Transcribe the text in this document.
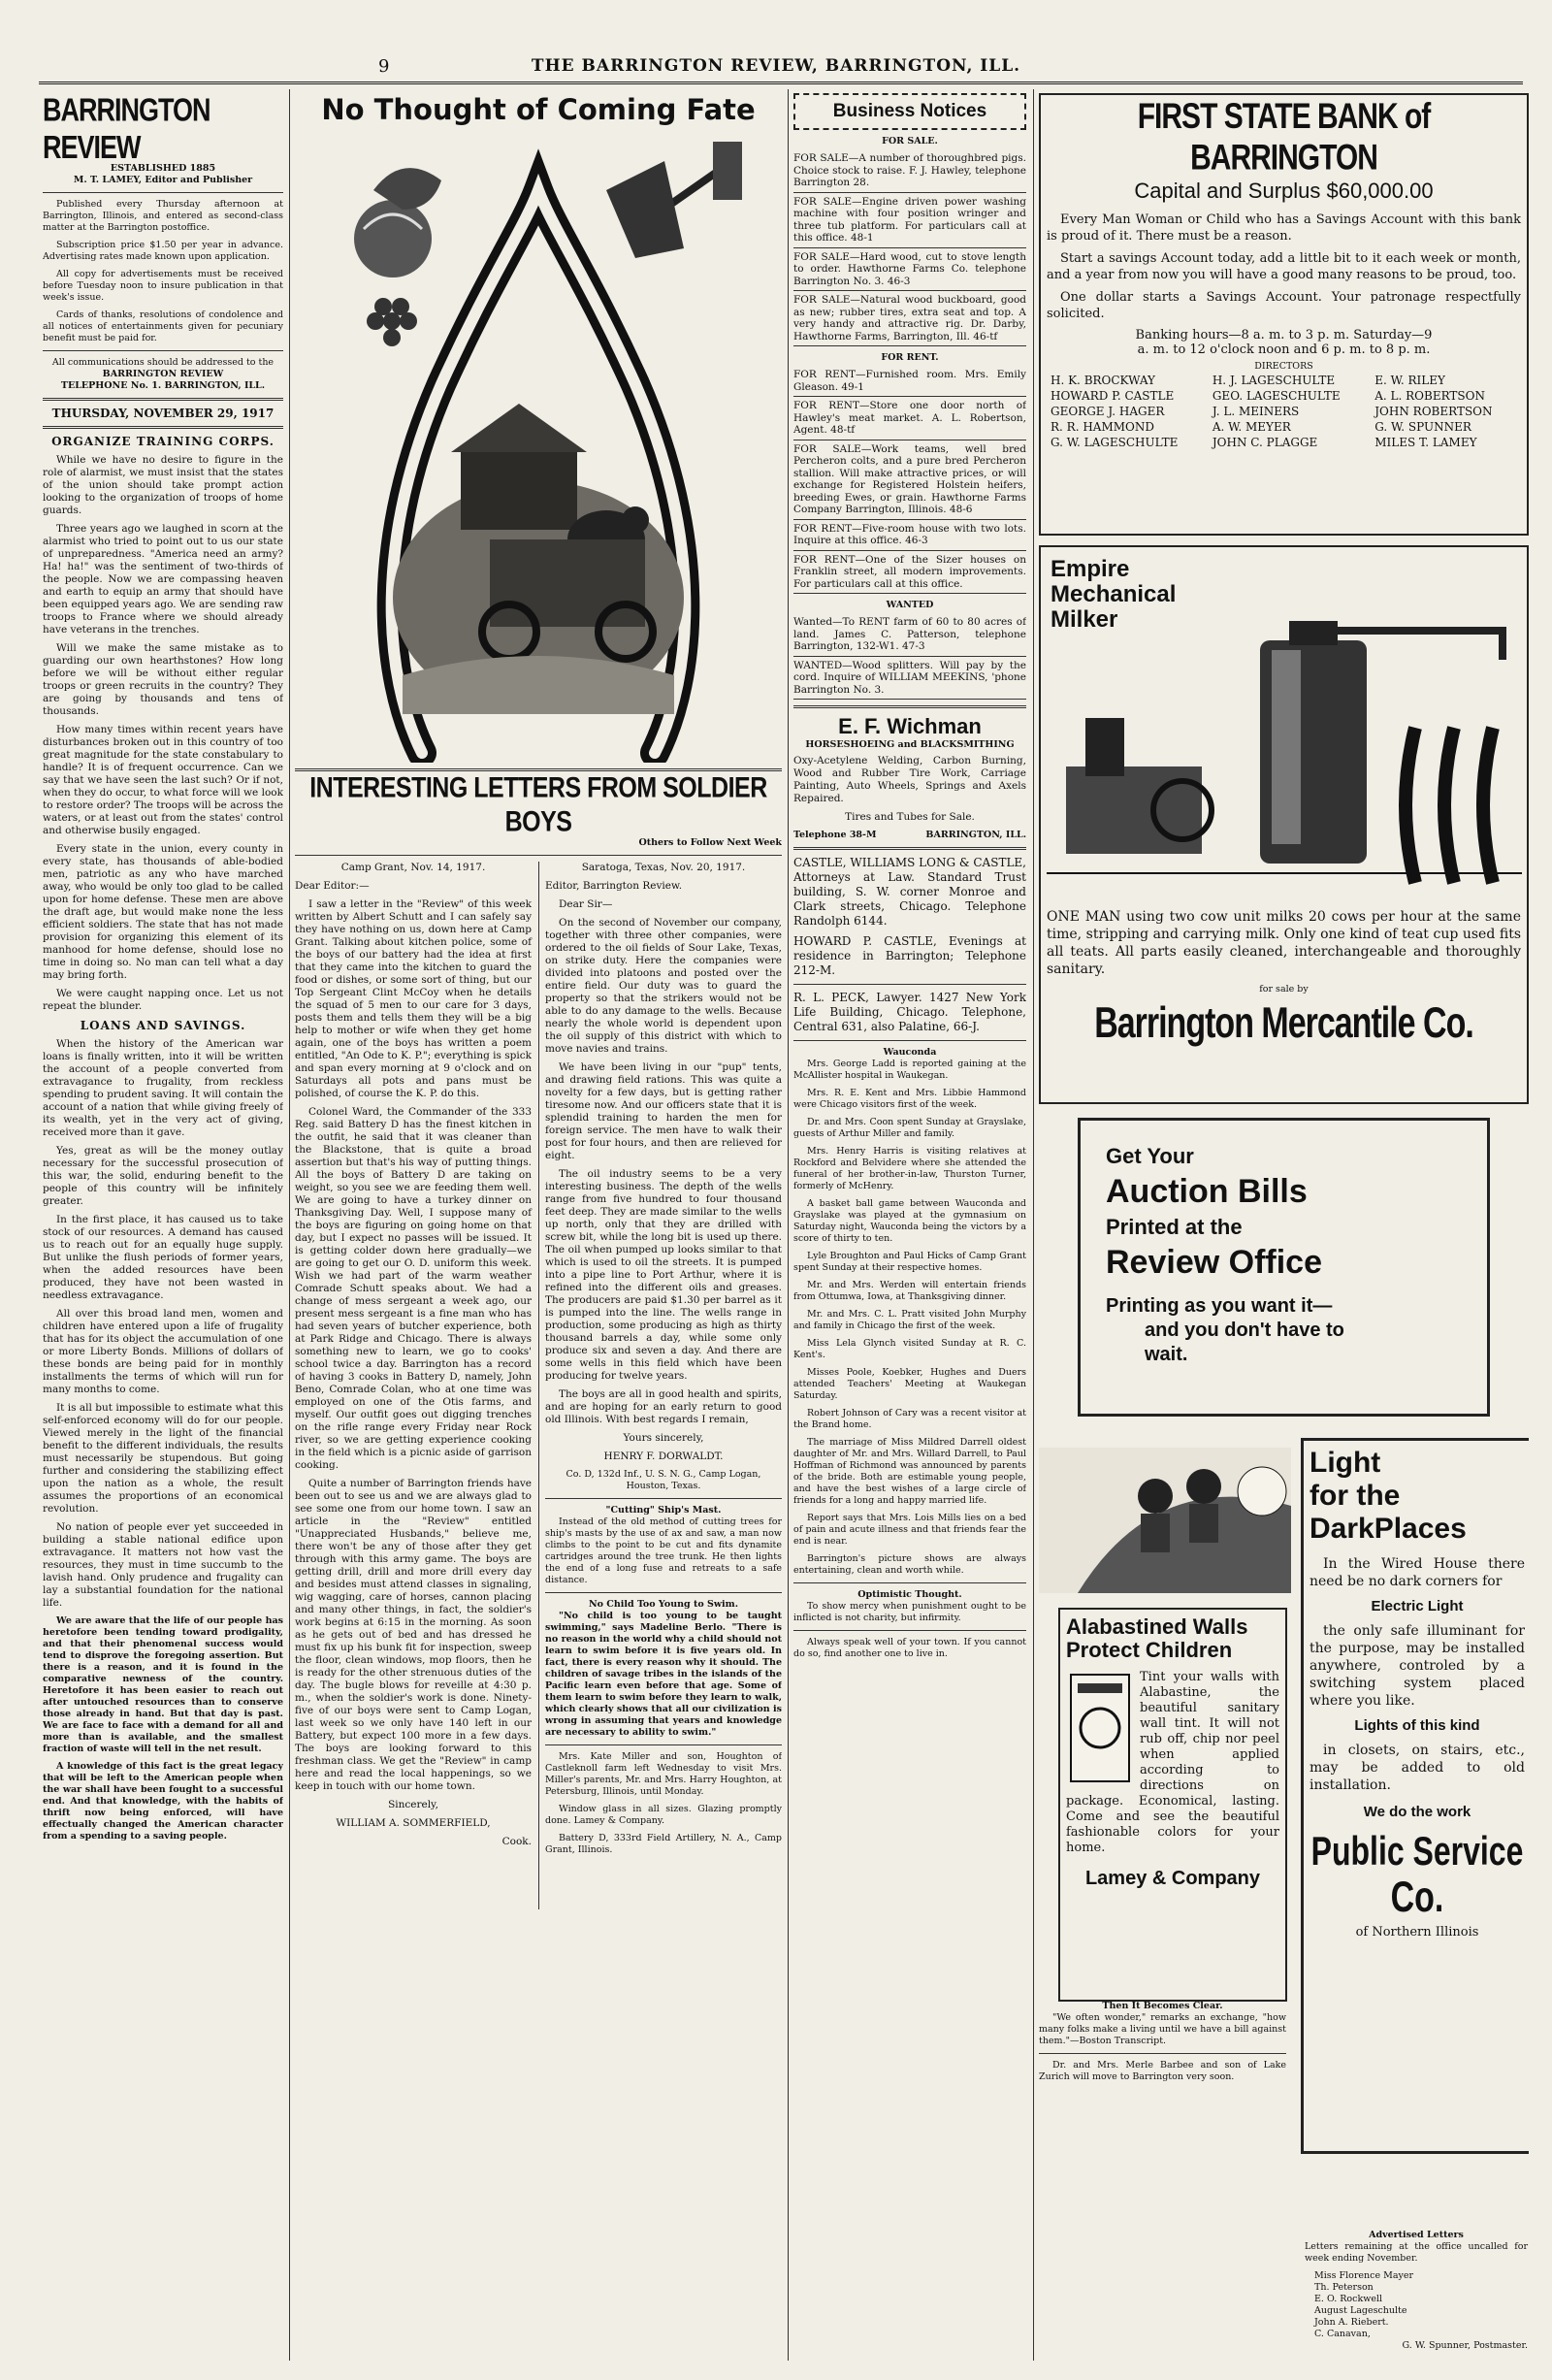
9	THE BARRINGTON REVIEW, BARRINGTON, ILL.
BARRINGTON REVIEW
ESTABLISHED 1885
M. T. LAMEY, Editor and Publisher

Published every Thursday afternoon at Barrington, Illinois, and entered as second-class matter at the Barrington postoffice.

Subscription price $1.50 per year in advance. Advertising rates made known upon application.

All copy for advertisements must be received before Tuesday noon to insure publication in that week's issue.

Cards of thanks, resolutions of condolence and all notices of entertainments given for pecuniary benefit must be paid for.

All communications should be addressed to the
BARRINGTON REVIEW
TELEPHONE No. 1. BARRINGTON, ILL.
THURSDAY, NOVEMBER 29, 1917
ORGANIZE TRAINING CORPS.

While we have no desire to figure in the role of alarmist, we must insist that the states of the union should take prompt action looking to the organization of troops of home guards.

Three years ago we laughed in scorn at the alarmist who tried to point out to us our state of unpreparedness. "America need an army? Ha! ha!" was the sentiment of two-thirds of the people. Now we are compassing heaven and earth to equip an army that should have been equipped years ago. We are sending raw troops to France where we should already have veterans in the trenches.

Will we make the same mistake as to guarding our own hearthstones? How long before we will be without either regular troops or green recruits in the country? They are going by thousands and tens of thousands.

How many times within recent years have disturbances broken out in this country of too great magnitude for the state constabulary to handle? It is of frequent occurrence. Can we say that we have seen the last such? Or if not, when they do occur, to what force will we look to restore order? The troops will be across the waters, or at least out from the states' control and otherwise busily engaged.

Every state in the union, every county in every state, has thousands of able-bodied men, patriotic as any who have marched away, who would be only too glad to be called upon for home defense. These men are above the draft age, but would make none the less efficient soldiers. The state that has not made provision for organizing this element of its manhood for home defense, should lose no time in doing so. No man can tell what a day may bring forth.

We were caught napping once. Let us not repeat the blunder.

LOANS AND SAVINGS.

When the history of the American war loans is finally written, into it will be written the account of a people converted from extravagance to frugality, from reckless spending to prudent saving. It will contain the account of a nation that while giving freely of its wealth, yet in the very act of giving, received more than it gave.

Yes, great as will be the money outlay necessary for the successful prosecution of this war, the solid, enduring benefit to the people of this country will be infinitely greater.

In the first place, it has caused us to take stock of our resources. A demand has caused us to reach out for an equally huge supply. But unlike the flush periods of former years, when the added resources have been produced, they have not been wasted in needless extravagance.

All over this broad land men, women and children have entered upon a life of frugality that has for its object the accumulation of one or more Liberty Bonds. Millions of dollars of these bonds are being paid for in monthly installments the terms of which will run for many months to come.

It is all but impossible to estimate what this self-enforced economy will do for our people. Viewed merely in the light of the financial benefit to the different individuals, the results must necessarily be stupendous. But going further and considering the stabilizing effect upon the nation as a whole, the result assumes the proportions of an economical revolution.

No nation of people ever yet succeeded in building a stable national edifice upon extravagance. It matters not how vast the resources, they must in time succumb to the lavish hand. Only prudence and frugality can lay a substantial foundation for the national life.

We are aware that the life of our people has heretofore been tending toward prodigality, and that their phenomenal success would tend to disprove the foregoing assertion. But there is a reason, and it is found in the comparative newness of the country. Heretofore it has been easier to reach out after untouched resources than to conserve those already in hand. But that day is past. We are face to face with a demand for all and more than is available, and the smallest fraction of waste will tell in the net result.

A knowledge of this fact is the great legacy that will be left to the American people when the war shall have been fought to a successful end. And that knowledge, with the habits of thrift now being enforced, will have effectually changed the American character from a spending to a saving people.

No Thought of Coming Fate
INTERESTING LETTERS FROM SOLDIER BOYS
Others to Follow Next Week

Camp Grant, Nov. 14, 1917.

Dear Editor:—

I saw a letter in the "Review" of this week written by Albert Schutt and I can safely say they have nothing on us, down here at Camp Grant. Talking about kitchen police, some of the boys of our battery had the idea at first that they came into the kitchen to guard the food or dishes, or some sort of thing, but our Top Sergeant Clint McCoy when he details the squad of 5 men to our care for 3 days, posts them and tells them they will be a big help to mother or wife when they get home again, one of the boys has written a poem entitled, "An Ode to K. P."; everything is spick and span every morning at 9 o'clock and on Saturdays all pots and pans must be polished, of course the K. P. do this.

Colonel Ward, the Commander of the 333 Reg. said Battery D has the finest kitchen in the outfit, he said that it was cleaner than the Blackstone, that is quite a broad assertion but that's his way of putting things. All the boys of Battery D are taking on weight, so you see we are feeding them well. We are going to have a turkey dinner on Thanksgiving Day. Well, I suppose many of the boys are figuring on going home on that day, but I expect no passes will be issued. It is getting colder down here gradually—we are going to get our O. D. uniform this week. Wish we had part of the warm weather Comrade Schutt speaks about. We had a change of mess sergeant a week ago, our present mess sergeant is a fine man who has had seven years of butcher experience, both at Park Ridge and Chicago. There is always something new to learn, we go to cooks' school twice a day. Barrington has a record of having 3 cooks in Battery D, namely, John Beno, Comrade Colan, who at one time was employed on one of the Otis farms, and myself. Our outfit goes out digging trenches on the rifle range every Friday near Rock river, so we are getting experience cooking in the field which is a picnic aside of garrison cooking.

Quite a number of Barrington friends have been out to see us and we are always glad to see some one from our home town. I saw an article in the "Review" entitled "Unappreciated Husbands," believe me, there won't be any of those after they get through with this army game. The boys are getting drill, drill and more drill every day and besides must attend classes in signaling, wig wagging, care of horses, cannon placing and many other things, in fact, the soldier's work begins at 6:15 in the morning. As soon as he gets out of bed and has dressed he must fix up his bunk fit for inspection, sweep the floor, clean windows, mop floors, then he is ready for the other strenuous duties of the day. The bugle blows for reveille at 4:30 p. m., when the soldier's work is done. Ninety-five of our boys were sent to Camp Logan, last week so we only have 140 left in our Battery, but expect 100 more in a few days. The boys are looking forward to this freshman class. We get the "Review" in camp here and read the local happenings, so we keep in touch with our home town.

Sincerely,

WILLIAM A. SOMMERFIELD,

Cook.

Saratoga, Texas, Nov. 20, 1917.

Editor, Barrington Review.

Dear Sir—

On the second of November our company, together with three other companies, were ordered to the oil fields of Sour Lake, Texas, on strike duty. Here the companies were divided into platoons and posted over the entire field. Our duty was to guard the property so that the strikers would not be able to do any damage to the wells. Because nearly the whole world is dependent upon the oil supply of this district with which to move navies and trains.

We have been living in our "pup" tents, and drawing field rations. This was quite a novelty for a few days, but is getting rather tiresome now. And our officers state that it is splendid training to harden the men for foreign service. The men have to walk their post for four hours, and then are relieved for eight.

The oil industry seems to be a very interesting business. The depth of the wells range from five hundred to four thousand feet deep. They are made similar to the wells up north, only that they are drilled with screw bit, while the long bit is used up there. The oil when pumped up looks similar to that which is used to oil the streets. It is pumped into a pipe line to Port Arthur, where it is refined into the different oils and greases. The producers are paid $1.30 per barrel as it is pumped into the line. The wells range in production, some producing as high as thirty thousand barrels a day, while some only produce six and seven a day. And there are some wells in this field which have been producing for twelve years.

The boys are all in good health and spirits, and are hoping for an early return to good old Illinois. With best regards I remain,

Yours sincerely,

HENRY F. DORWALDT.

Co. D, 132d Inf., U. S. N. G., Camp Logan, Houston, Texas.

"Cutting" Ship's Mast.

Instead of the old method of cutting trees for ship's masts by the use of ax and saw, a man now climbs to the point to be cut and fits dynamite cartridges around the tree trunk. He then lights the end of a long fuse and retreats to a safe distance.

No Child Too Young to Swim.

"No child is too young to be taught swimming," says Madeline Berlo. "There is no reason in the world why a child should not learn to swim before it is five years old. In fact, there is every reason why it should. The children of savage tribes in the islands of the Pacific learn even before that age. Some of them learn to swim before they learn to walk, which clearly shows that all our civilization is wrong in assuming that years and knowledge are necessary to ability to swim."

Mrs. Kate Miller and son, Houghton of Castleknoll farm left Wednesday to visit Mrs. Miller's parents, Mr. and Mrs. Harry Houghton, at Petersburg, Illinois, until Monday.

Window glass in all sizes. Glazing promptly done. Lamey & Company.

Battery D, 333rd Field Artillery, N. A., Camp Grant, Illinois.

Business Notices
FOR SALE.
FOR SALE—A number of thoroughbred pigs. Choice stock to raise. F. J. Hawley, telephone Barrington 28.
FOR SALE—Engine driven power washing machine with four position wringer and three tub platform. For particulars call at this office. 48-1
FOR SALE—Hard wood, cut to stove length to order. Hawthorne Farms Co. telephone Barrington No. 3. 46-3
FOR SALE—Natural wood buckboard, good as new; rubber tires, extra seat and top. A very handy and attractive rig. Dr. Darby, Hawthorne Farms, Barrington, Ill. 46-tf
FOR RENT.
FOR RENT—Furnished room. Mrs. Emily Gleason. 49-1
FOR RENT—Store one door north of Hawley's meat market. A. L. Robertson, Agent. 48-tf
FOR SALE—Work teams, well bred Percheron colts, and a pure bred Percheron stallion. Will make attractive prices, or will exchange for Registered Holstein heifers, breeding Ewes, or grain. Hawthorne Farms Company Barrington, Illinois. 48-6
FOR RENT—Five-room house with two lots. Inquire at this office. 46-3
FOR RENT—One of the Sizer houses on Franklin street, all modern improvements. For particulars call at this office.
WANTED
Wanted—To RENT farm of 60 to 80 acres of land. James C. Patterson, telephone Barrington, 132-W1. 47-3
WANTED—Wood splitters. Will pay by the cord. Inquire of WILLIAM MEEKINS, 'phone Barrington No. 3.
E. F. Wichman
HORSESHOEING and BLACKSMITHING

Oxy-Acetylene Welding, Carbon Burning, Wood and Rubber Tire Work, Carriage Painting, Auto Wheels, Springs and Axels Repaired.

Tires and Tubes for Sale.

Telephone 38-M	BARRINGTON, ILL.

CASTLE, WILLIAMS LONG & CASTLE, Attorneys at Law. Standard Trust building, S. W. corner Monroe and Clark streets, Chicago. Telephone Randolph 6144.

HOWARD P. CASTLE, Evenings at residence in Barrington; Telephone 212-M.

R. L. PECK, Lawyer. 1427 New York Life Building, Chicago. Telephone, Central 631, also Palatine, 66-J.

Wauconda

Mrs. George Ladd is reported gaining at the McAllister hospital in Waukegan.

Mrs. R. E. Kent and Mrs. Libbie Hammond were Chicago visitors first of the week.

Dr. and Mrs. Coon spent Sunday at Grayslake, guests of Arthur Miller and family.

Mrs. Henry Harris is visiting relatives at Rockford and Belvidere where she attended the funeral of her brother-in-law, Thurston Turner, formerly of McHenry.

A basket ball game between Wauconda and Grayslake was played at the gymnasium on Saturday night, Wauconda being the victors by a score of thirty to ten.

Lyle Broughton and Paul Hicks of Camp Grant spent Sunday at their respective homes.

Mr. and Mrs. Werden will entertain friends from Ottumwa, Iowa, at Thanksgiving dinner.

Mr. and Mrs. C. L. Pratt visited John Murphy and family in Chicago the first of the week.

Miss Lela Glynch visited Sunday at R. C. Kent's.

Misses Poole, Koebker, Hughes and Duers attended Teachers' Meeting at Waukegan Saturday.

Robert Johnson of Cary was a recent visitor at the Brand home.

The marriage of Miss Mildred Darrell oldest daughter of Mr. and Mrs. Willard Darrell, to Paul Hoffman of Richmond was announced by parents of the bride. Both are estimable young people, and have the best wishes of a large circle of friends for a long and happy married life.

Report says that Mrs. Lois Mills lies on a bed of pain and acute illness and that friends fear the end is near.

Barrington's picture shows are always entertaining, clean and worth while.

Optimistic Thought.

To show mercy when punishment ought to be inflicted is not charity, but infirmity.

Always speak well of your town. If you cannot do so, find another one to live in.

FIRST STATE BANK of BARRINGTON
Capital and Surplus $60,000.00

Every Man Woman or Child who has a Savings Account with this bank is proud of it. There must be a reason.

Start a savings Account today, add a little bit to it each week or month, and a year from now you will have a good many reasons to be proud, too.

One dollar starts a Savings Account. Your patronage respectfully solicited.

Banking hours—8 a. m. to 3 p. m. Saturday—9
a. m. to 12 o'clock noon and 6 p. m. to 8 p. m.
DIRECTORS
H. K. BROCKWAY	H. J. LAGESCHULTE	E. W. RILEY
HOWARD P. CASTLE	GEO. LAGESCHULTE	A. L. ROBERTSON
GEORGE J. HAGER	J. L. MEINERS	JOHN ROBERTSON
R. R. HAMMOND	A. W. MEYER	G. W. SPUNNER
G. W. LAGESCHULTE	JOHN C. PLAGGE	MILES T. LAMEY
Empire Mechanical Milker

ONE MAN using two cow unit milks 20 cows per hour at the same time, stripping and carrying milk. Only one kind of teat cup used fits all teats. All parts easily cleaned, interchangeable and thoroughly sanitary.

for sale by
Barrington Mercantile Co.
Get Your
Auction Bills
Printed at the
Review Office
Printing as you want it—
and you don't have to
wait.
Light
for the
DarkPlaces

In the Wired House there need be no dark corners for

Electric Light

the only safe illuminant for the purpose, may be installed anywhere, controled by a switching system placed where you like.

Lights of this kind

in closets, on stairs, etc., may be added to old installation.

We do the work
Public Service
Co.
of Northern Illinois
Alabastined Walls Protect Children

Tint your walls with Alabastine, the beautiful sanitary wall tint. It will not rub off, chip nor peel when applied according to directions on package. Economical, lasting. Come and see the beautiful fashionable colors for your home.

Lamey & Company
Then It Becomes Clear.

"We often wonder," remarks an exchange, "how many folks make a living until we have a bill against them."—Boston Transcript.

Dr. and Mrs. Merle Barbee and son of Lake Zurich will move to Barrington very soon.

Advertised Letters

Letters remaining at the office uncalled for week ending November.

Miss Florence Mayer
Th. Peterson
E. O. Rockwell
August Lageschulte
John A. Riebert.
C. Canavan,
G. W. Spunner, Postmaster.
